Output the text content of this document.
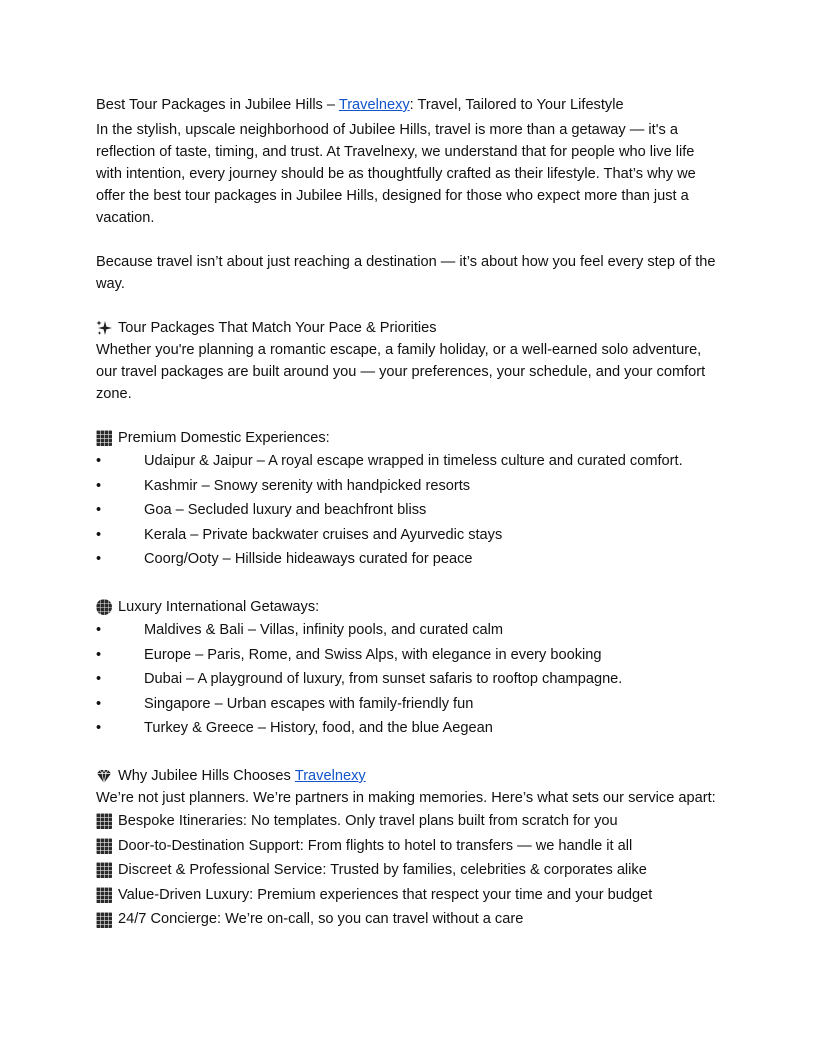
Best Tour Packages in Jubilee Hills – Travelnexy: Travel, Tailored to Your Lifestyle

In the stylish, upscale neighborhood of Jubilee Hills, travel is more than a getaway — it's a

reflection of taste, timing, and trust. At Travelnexy, we understand that for people who live life

with intention, every journey should be as thoughtfully crafted as their lifestyle. That’s why we

offer the best tour packages in Jubilee Hills, designed for those who expect more than just a

vacation.

Because travel isn’t about just reaching a destination — it’s about how you feel every step of the

way.

Tour Packages That Match Your Pace & Priorities

Whether you're planning a romantic escape, a family holiday, or a well-earned solo adventure,

our travel packages are built around you — your preferences, your schedule, and your comfort

zone.

Premium Domestic Experiences:
•	Udaipur & Jaipur – A royal escape wrapped in timeless culture and curated comfort.
•	Kashmir – Snowy serenity with handpicked resorts
•	Goa – Secluded luxury and beachfront bliss
•	Kerala – Private backwater cruises and Ayurvedic stays
•	Coorg/Ooty – Hillside hideaways curated for peace
Luxury International Getaways:
•	Maldives & Bali – Villas, infinity pools, and curated calm
•	Europe – Paris, Rome, and Swiss Alps, with elegance in every booking
•	Dubai – A playground of luxury, from sunset safaris to rooftop champagne.
•	Singapore – Urban escapes with family-friendly fun
•	Turkey & Greece – History, food, and the blue Aegean
Why Jubilee Hills Chooses
Travelnexy

We’re not just planners. We’re partners in making memories. Here’s what sets our service apart:

Bespoke Itineraries: No templates. Only travel plans built from scratch for you
Door-to-Destination Support: From flights to hotel to transfers — we handle it all
Discreet & Professional Service: Trusted by families, celebrities & corporates alike
Value-Driven Luxury: Premium experiences that respect your time and your budget
24/7 Concierge: We’re on-call, so you can travel without a care
